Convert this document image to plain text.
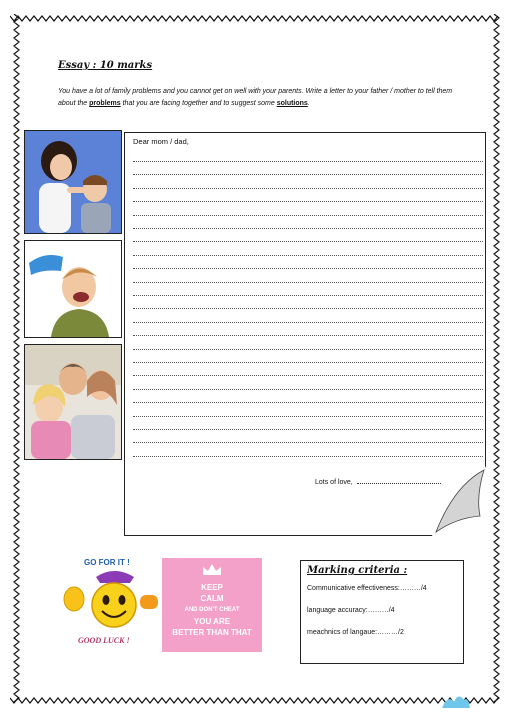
Essay : 10 marks
You have a lot of family problems and you cannot get on well with your parents. Write a letter to your father / mother to tell them about the problems that you are facing together and to suggest some solutions.
Dear mom / dad,
Lots of love,
GO FOR IT !
GOOD LUCK !
KEEP
CALM
AND DON'T CHEAT
YOU ARE
BETTER THAN THAT
Marking criteria :
Communicative effectiveness:………/4
language accuracy:………/4
meachnics of langaue:………/2
